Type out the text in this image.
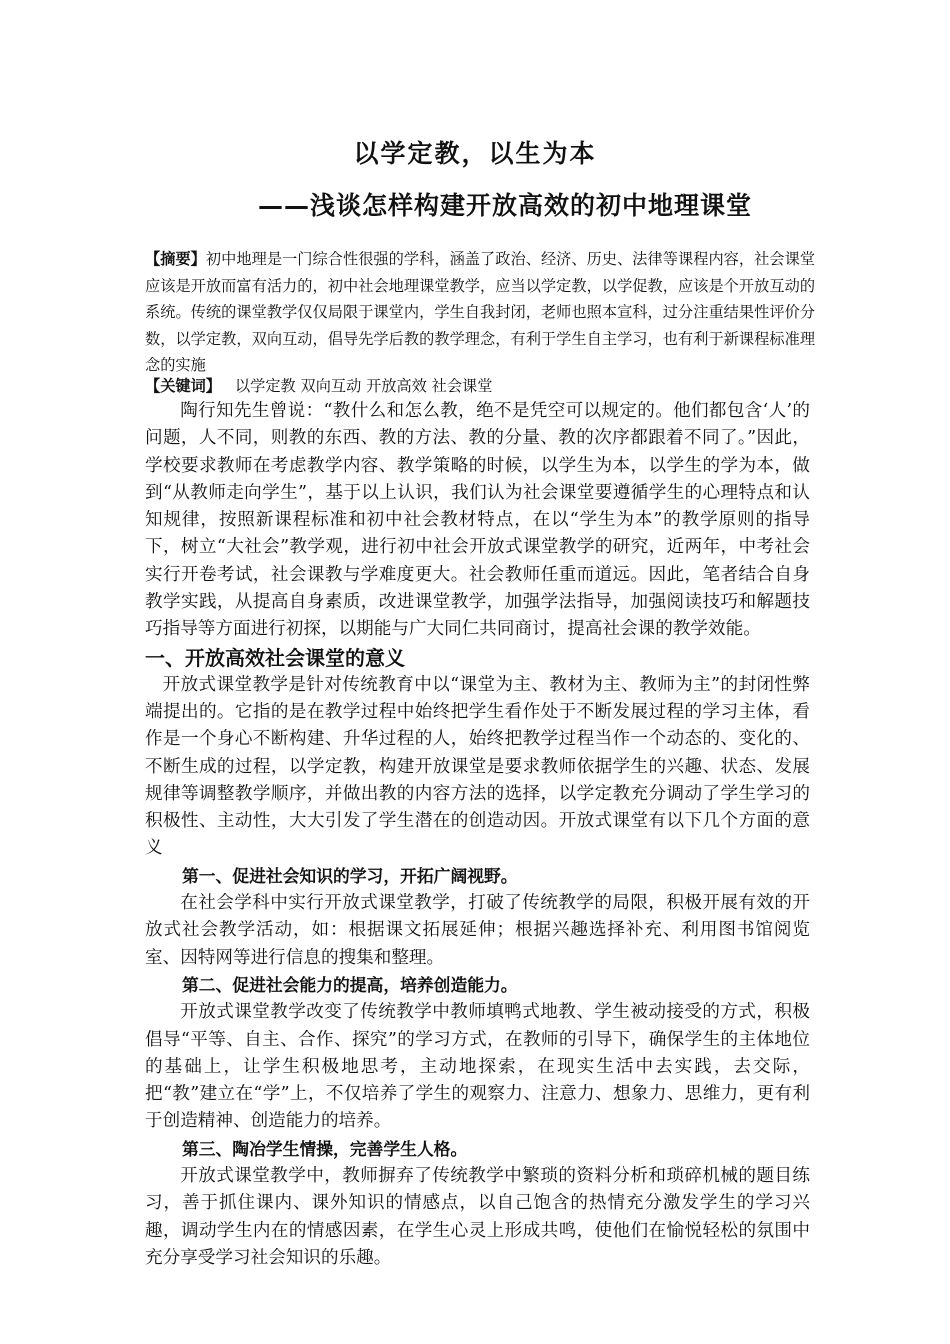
以学定教，以生为本
——浅谈怎样构建开放高效的初中地理课堂
【摘要】初中地理是一门综合性很强的学科，涵盖了政治、经济、历史、法律等课程内容，社会课堂应该是开放而富有活力的，初中社会地理课堂教学，应当以学定教，以学促教，应该是个开放互动的系统。传统的课堂教学仅仅局限于课堂内，学生自我封闭，老师也照本宣科，过分注重结果性评价分数，以学定教，双向互动，倡导先学后教的教学理念，有利于学生自主学习，也有利于新课程标准理念的实施
【关键词】 以学定教 双向互动 开放高效 社会课堂

陶行知先生曾说：“教什么和怎么教，绝不是凭空可以规定的。他们都包含‘人’的问题，人不同，则教的东西、教的方法、教的分量、教的次序都跟着不同了。”因此，学校要求教师在考虑教学内容、教学策略的时候，以学生为本，以学生的学为本，做到“从教师走向学生”，基于以上认识，我们认为社会课堂要遵循学生的心理特点和认知规律，按照新课程标准和初中社会教材特点，在以“学生为本”的教学原则的指导下，树立“大社会”教学观，进行初中社会开放式课堂教学的研究，近两年，中考社会实行开卷考试，社会课教与学难度更大。社会教师任重而道远。因此，笔者结合自身教学实践，从提高自身素质，改进课堂教学，加强学法指导，加强阅读技巧和解题技巧指导等方面进行初探，以期能与广大同仁共同商讨，提高社会课的教学效能。

一、开放高效社会课堂的意义

开放式课堂教学是针对传统教育中以“课堂为主、教材为主、教师为主”的封闭性弊端提出的。它指的是在教学过程中始终把学生看作处于不断发展过程的学习主体，看作是一个身心不断构建、升华过程的人，始终把教学过程当作一个动态的、变化的、不断生成的过程，以学定教，构建开放课堂是要求教师依据学生的兴趣、状态、发展规律等调整教学顺序，并做出教的内容方法的选择，以学定教充分调动了学生学习的积极性、主动性，大大引发了学生潜在的创造动因。开放式课堂有以下几个方面的意义

第一、促进社会知识的学习，开拓广阔视野。

在社会学科中实行开放式课堂教学，打破了传统教学的局限，积极开展有效的开放式社会教学活动，如：根据课文拓展延伸；根据兴趣选择补充、利用图书馆阅览室、因特网等进行信息的搜集和整理。

第二、促进社会能力的提高，培养创造能力。

开放式课堂教学改变了传统教学中教师填鸭式地教、学生被动接受的方式，积极倡导“平等、自主、合作、探究”的学习方式，在教师的引导下，确保学生的主体地位的基础上，让学生积极地思考，主动地探索，在现实生活中去实践，去交际，把“教”建立在“学”上，不仅培养了学生的观察力、注意力、想象力、思维力，更有利于创造精神、创造能力的培养。

第三、陶冶学生情操，完善学生人格。

开放式课堂教学中，教师摒弃了传统教学中繁琐的资料分析和琐碎机械的题目练习，善于抓住课内、课外知识的情感点，以自己饱含的热情充分激发学生的学习兴趣，调动学生内在的情感因素，在学生心灵上形成共鸣，使他们在愉悦轻松的氛围中充分享受学习社会知识的乐趣。
